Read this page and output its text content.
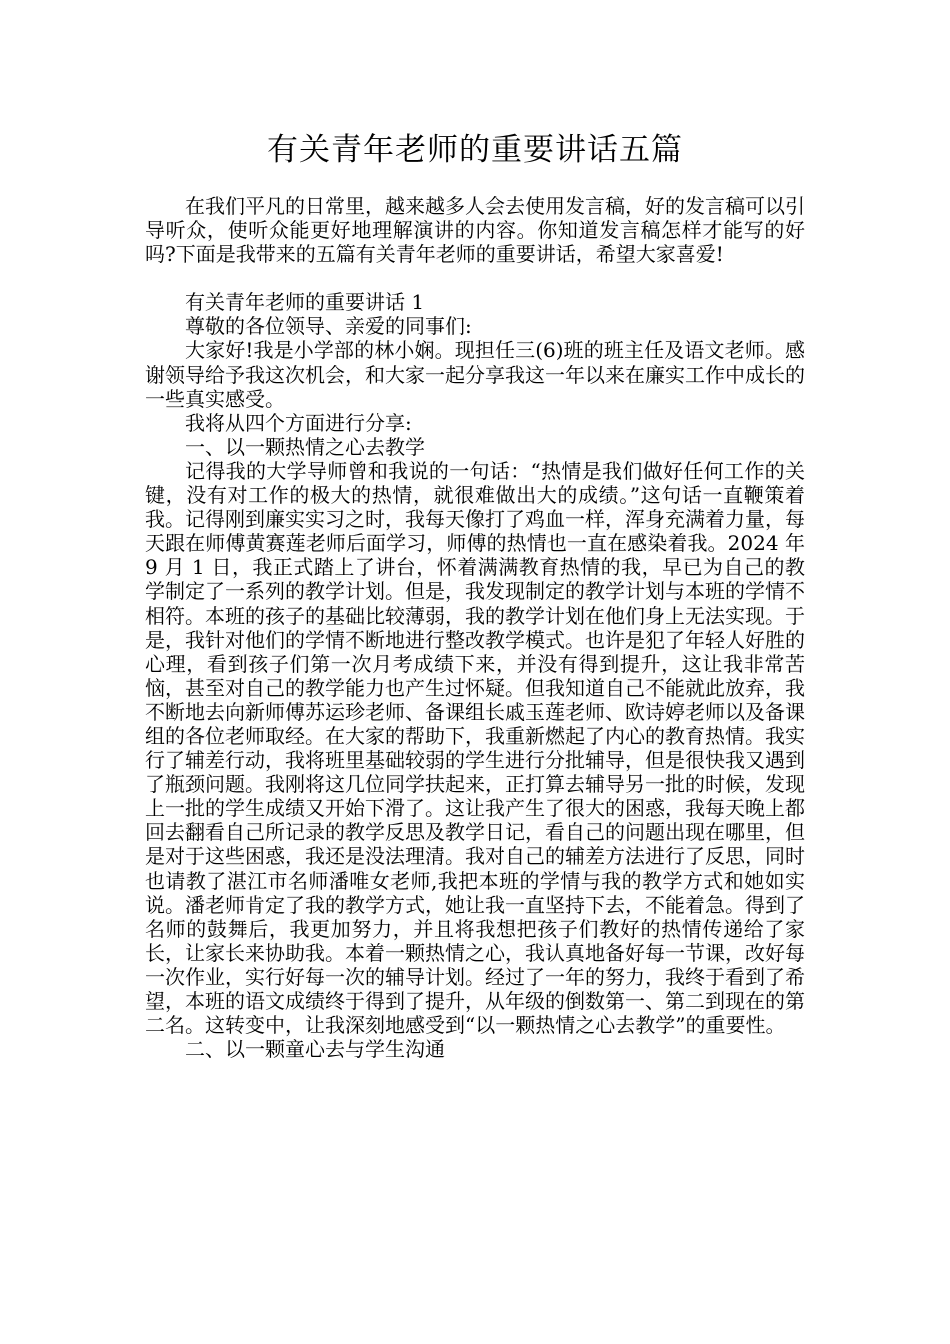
有关青年老师的重要讲话五篇

在我们平凡的日常里，越来越多人会去使用发言稿，好的发言稿可以引导听众，使听众能更好地理解演讲的内容。你知道发言稿怎样才能写的好吗?下面是我带来的五篇有关青年老师的重要讲话，希望大家喜爱!

有关青年老师的重要讲话 1

尊敬的各位领导、亲爱的同事们:

大家好!我是小学部的林小娴。现担任三(6)班的班主任及语文老师。感谢领导给予我这次机会，和大家一起分享我这一年以来在廉实工作中成长的一些真实感受。

我将从四个方面进行分享:

一、以一颗热情之心去教学

记得我的大学导师曾和我说的一句话：“热情是我们做好任何工作的关键，没有对工作的极大的热情，就很难做出大的成绩。”这句话一直鞭策着我。记得刚到廉实实习之时，我每天像打了鸡血一样，浑身充满着力量，每天跟在师傅黄赛莲老师后面学习，师傅的热情也一直在感染着我。2024 年 9 月 1 日，我正式踏上了讲台，怀着满满教育热情的我，早已为自己的教学制定了一系列的教学计划。但是，我发现制定的教学计划与本班的学情不相符。本班的孩子的基础比较薄弱，我的教学计划在他们身上无法实现。于是，我针对他们的学情不断地进行整改教学模式。也许是犯了年轻人好胜的心理，看到孩子们第一次月考成绩下来，并没有得到提升，这让我非常苦恼，甚至对自己的教学能力也产生过怀疑。但我知道自己不能就此放弃，我不断地去向新师傅苏运珍老师、备课组长戚玉莲老师、欧诗婷老师以及备课组的各位老师取经。在大家的帮助下，我重新燃起了内心的教育热情。我实行了辅差行动，我将班里基础较弱的学生进行分批辅导，但是很快我又遇到了瓶颈问题。我刚将这几位同学扶起来，正打算去辅导另一批的时候，发现上一批的学生成绩又开始下滑了。这让我产生了很大的困惑，我每天晚上都回去翻看自己所记录的教学反思及教学日记，看自己的问题出现在哪里，但是对于这些困惑，我还是没法理清。我对自己的辅差方法进行了反思，同时也请教了湛江市名师潘唯女老师,我把本班的学情与我的教学方式和她如实说。潘老师肯定了我的教学方式，她让我一直坚持下去，不能着急。得到了名师的鼓舞后，我更加努力，并且将我想把孩子们教好的热情传递给了家长，让家长来协助我。本着一颗热情之心，我认真地备好每一节课，改好每一次作业，实行好每一次的辅导计划。经过了一年的努力，我终于看到了希望，本班的语文成绩终于得到了提升，从年级的倒数第一、第二到现在的第二名。这转变中，让我深刻地感受到“以一颗热情之心去教学”的重要性。

二、以一颗童心去与学生沟通
